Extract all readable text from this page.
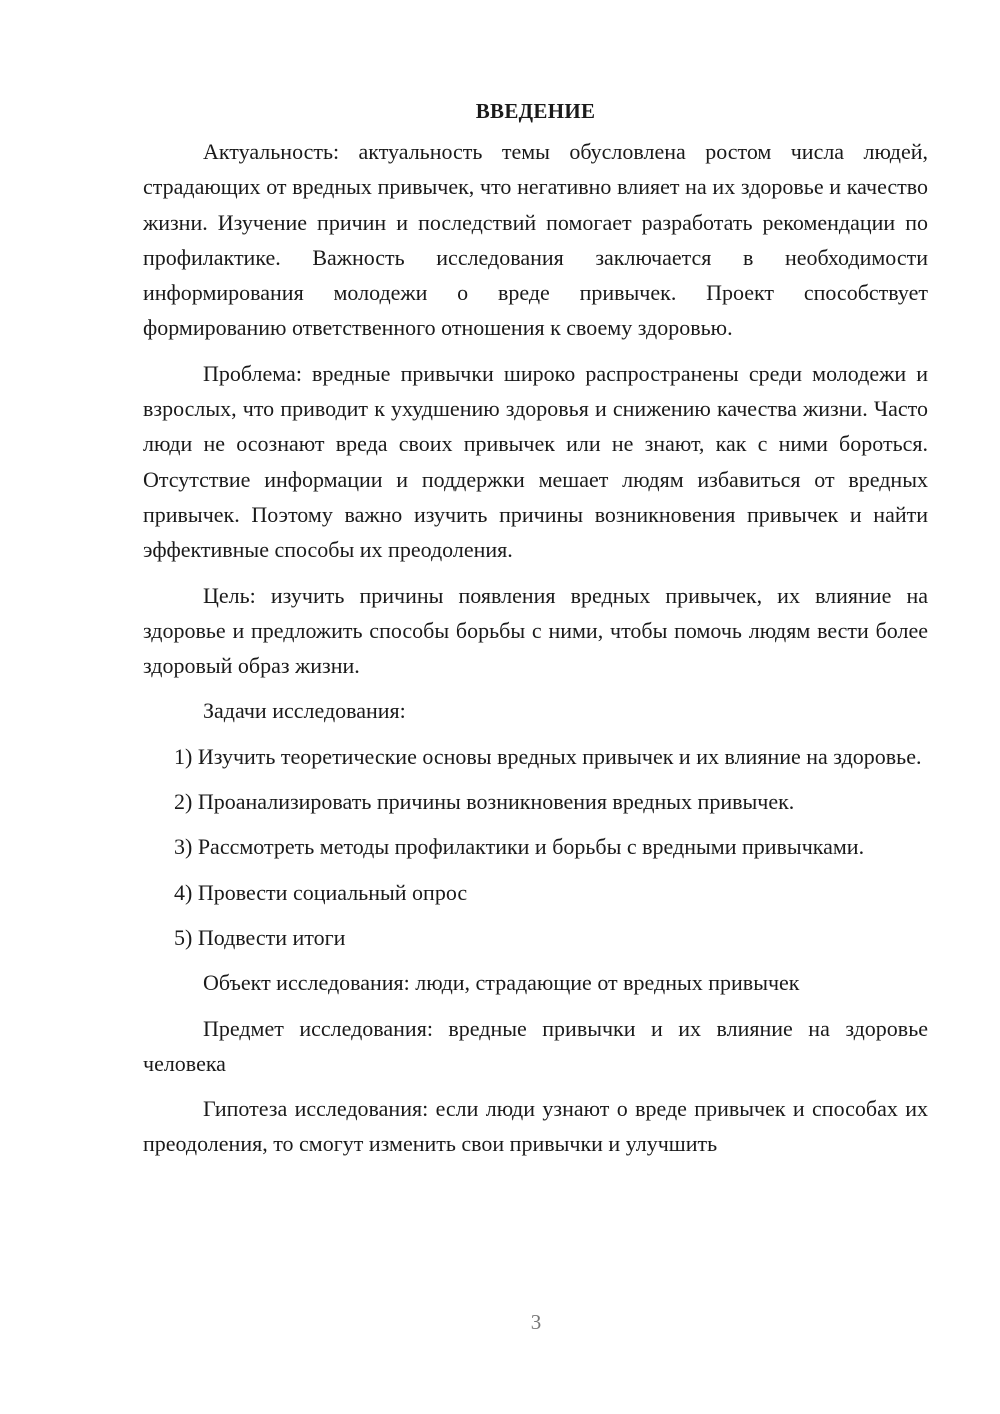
ВВЕДЕНИЕ

Актуальность: актуальность темы обусловлена ростом числа людей, страдающих от вредных привычек, что негативно влияет на их здоровье и качество жизни. Изучение причин и последствий помогает разработать рекомендации по профилактике. Важность исследования заключается в необходимости информирования молодежи о вреде привычек. Проект способствует формированию ответственного отношения к своему здоровью.

Проблема: вредные привычки широко распространены среди молодежи и взрослых, что приводит к ухудшению здоровья и снижению качества жизни. Часто люди не осознают вреда своих привычек или не знают, как с ними бороться. Отсутствие информации и поддержки мешает людям избавиться от вредных привычек. Поэтому важно изучить причины возникновения привычек и найти эффективные способы их преодоления.

Цель: изучить причины появления вредных привычек, их влияние на здоровье и предложить способы борьбы с ними, чтобы помочь людям вести более здоровый образ жизни.

Задачи исследования:

1) Изучить теоретические основы вредных привычек и их влияние на здоровье.

2) Проанализировать причины возникновения вредных привычек.

3) Рассмотреть методы профилактики и борьбы с вредными привычками.

4) Провести социальный опрос

5) Подвести итоги

Объект исследования: люди, страдающие от вредных привычек

Предмет исследования: вредные привычки и их влияние на здоровье человека

Гипотеза исследования: если люди узнают о вреде привычек и способах их преодоления, то смогут изменить свои привычки и улучшить

3
